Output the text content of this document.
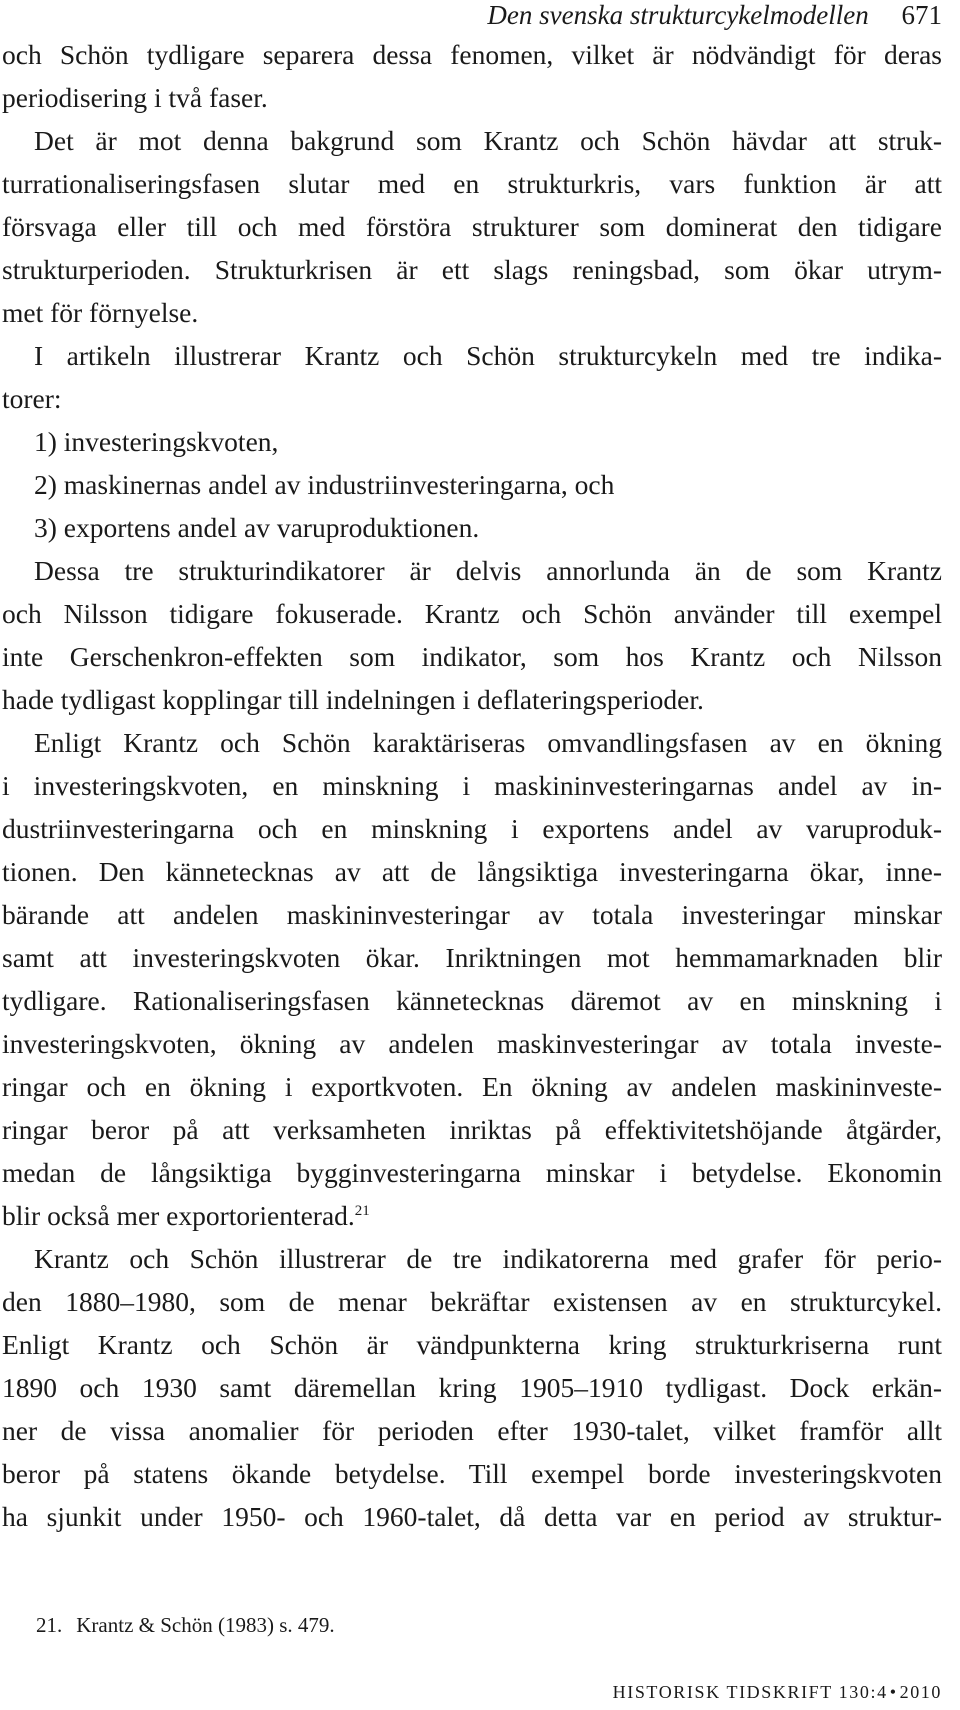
Den svenska strukturcykelmodellen 671
och Schön tydligare separera dessa fenomen, vilket är nödvändigt för deras
periodisering i två faser.
Det är mot denna bakgrund som Krantz och Schön hävdar att struk-
turrationaliseringsfasen slutar med en strukturkris, vars funktion är att
försvaga eller till och med förstöra strukturer som dominerat den tidigare
strukturperioden. Strukturkrisen är ett slags reningsbad, som ökar utrym-
met för förnyelse.
I artikeln illustrerar Krantz och Schön strukturcykeln med tre indika-
torer:
1) investeringskvoten,
2) maskinernas andel av industriinvesteringarna, och
3) exportens andel av varuproduktionen.
Dessa tre strukturindikatorer är delvis annorlunda än de som Krantz
och Nilsson tidigare fokuserade. Krantz och Schön använder till exempel
inte Gerschenkron-effekten som indikator, som hos Krantz och Nilsson
hade tydligast kopplingar till indelningen i deflateringsperioder.
Enligt Krantz och Schön karaktäriseras omvandlingsfasen av en ökning
i investeringskvoten, en minskning i maskininvesteringarnas andel av in-
dustriinvesteringarna och en minskning i exportens andel av varuproduk-
tionen. Den kännetecknas av att de långsiktiga investeringarna ökar, inne-
bärande att andelen maskininvesteringar av totala investeringar minskar
samt att investeringskvoten ökar. Inriktningen mot hemmamarknaden blir
tydligare. Rationaliseringsfasen kännetecknas däremot av en minskning i
investeringskvoten, ökning av andelen maskinvesteringar av totala investe-
ringar och en ökning i exportkvoten. En ökning av andelen maskininveste-
ringar beror på att verksamheten inriktas på effektivitetshöjande åtgärder,
medan de långsiktiga bygginvesteringarna minskar i betydelse. Ekonomin
blir också mer exportorienterad.$^{21}$
Krantz och Schön illustrerar de tre indikatorerna med grafer för perio-
den 1880–1980, som de menar bekräftar existensen av en strukturcykel.
Enligt Krantz och Schön är vändpunkterna kring strukturkriserna runt
1890 och 1930 samt däremellan kring 1905–1910 tydligast. Dock erkän-
ner de vissa anomalier för perioden efter 1930-talet, vilket framför allt
beror på statens ökande betydelse. Till exempel borde investeringskvoten
ha sjunkit under 1950- och 1960-talet, då detta var en period av struktur-
21. Krantz & Schön (1983) s. 479.
HISTORISK TIDSKRIFT 130:4 • 2010
